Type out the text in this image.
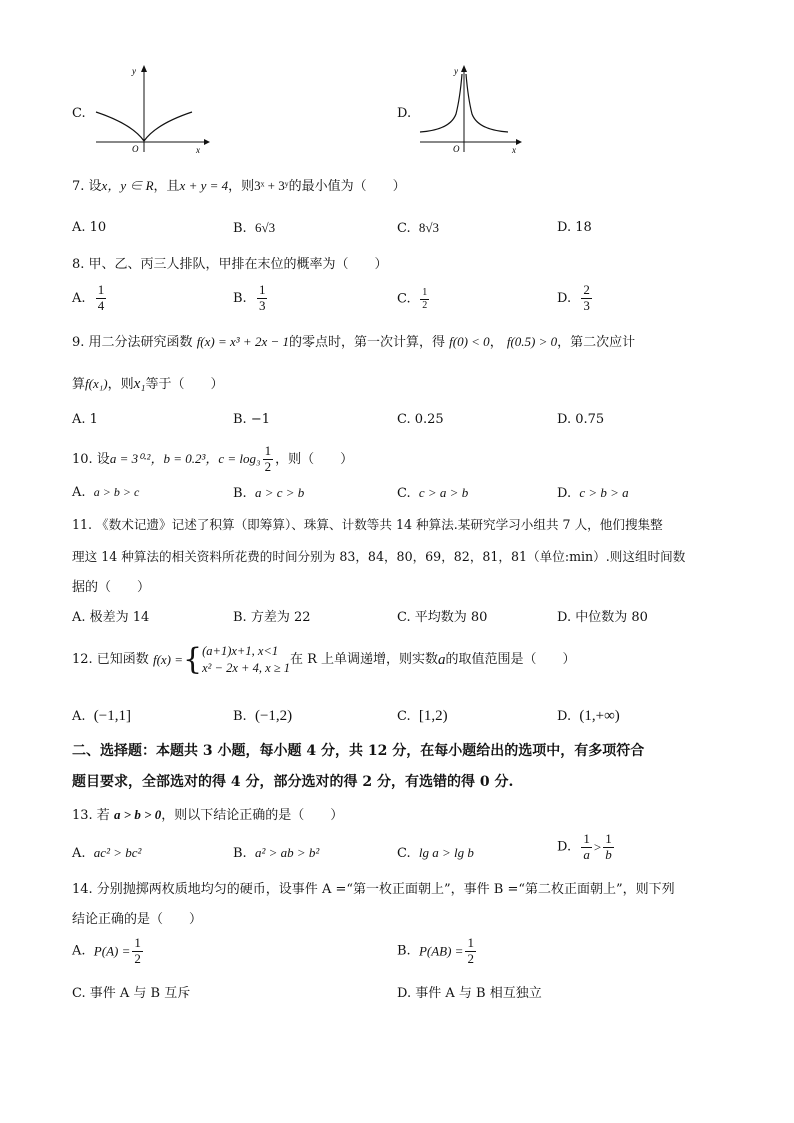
C.
y
x
O
D.
y
x
O
7. 设x，y ∈ R，且x + y = 4，则3ˣ + 3ʸ的最小值为（　　）
A. 10	B. 6√3	C. 8√3	D. 18
8. 甲、乙、丙三人排队，甲排在末位的概率为（　　）
A. $\frac{1}{4}$	B. $\frac{1}{3}$	C. $\frac{1}{2}$	D. $\frac{2}{3}$
9. 用二分法研究函数 f(x) = x³ + 2x − 1的零点时，第一次计算，得 f(0) < 0， f(0.5) > 0，第二次应计
算f(x₁)，则x₁等于（　　）
A. 1	B. −1	C. 0.25	D. 0.75
10. 设a = 3⁰·²，b = 0.2³，$c = \log_3 \frac{1}{2}$ ，则（　　）
A. a > b > c	B. a > c > b	C. c > a > b	D. c > b > a
11. 《数术记遗》记述了积算（即筹算）、珠算、计数等共 14 种算法.某研究学习小组共 7 人，他们搜集整
理这 14 种算法的相关资料所花费的时间分别为 83，84，80，69，82，81，81（单位:min）.则这组时间数
据的（　　）
A. 极差为 14	B. 方差为 22	C. 平均数为 80	D. 中位数为 80
12. 已知函数 f(x) ={ (a+1)x+1, x<1
x² − 2x + 4, x ≥ 1
在 R 上单调递增，则实数a的取值范围是（　　）
A. (−1,1]	B. (−1,2)	C. [1,2)	D. (1,+∞)
二、选择题：本题共 3 小题，每小题 4 分，共 12 分，在每小题给出的选项中，有多项符合
题目要求，全部选对的得 4 分，部分选对的得 2 分，有选错的得 0 分.
13. 若 a > b > 0，则以下结论正确的是（　　）
A. ac² > bc²	B. a² > ab > b²	C. lg a > lg b	D. $\frac{1}{a} > \frac{1}{b}$
14. 分别抛掷两枚质地均匀的硬币，设事件 A =“第一枚正面朝上”，事件 B =“第二枚正面朝上”，则下列
结论正确的是（　　）
A. $P(A) = \frac{1}{2}$	B. $P(AB) = \frac{1}{2}$
C. 事件 A 与 B 互斥	D. 事件 A 与 B 相互独立
